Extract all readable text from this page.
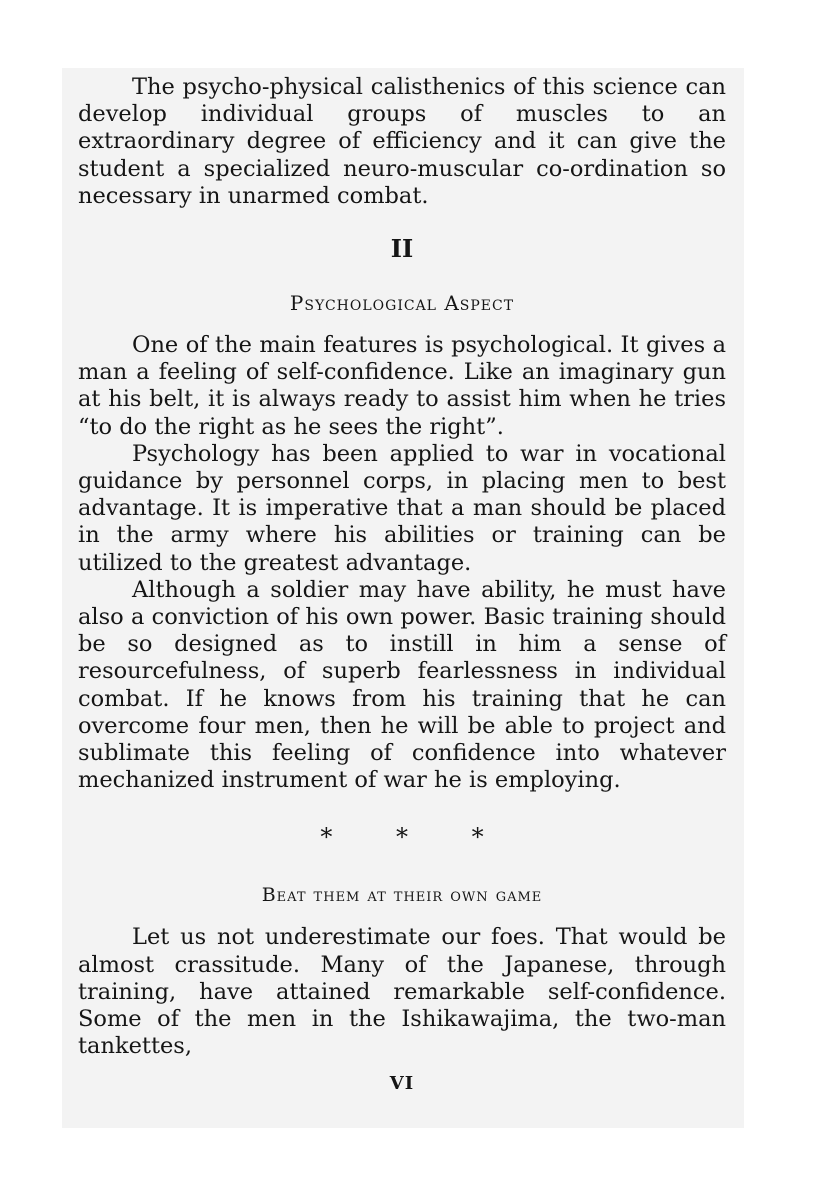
The psycho-physical calisthenics of this science can develop individual groups of muscles to an extraordinary degree of efficiency and it can give the student a specialized neuro-muscular co-ordination so necessary in unarmed combat.

II
Psychological Aspect

One of the main features is psychological. It gives a man a feeling of self-confidence. Like an imaginary gun at his belt, it is always ready to assist him when he tries “to do the right as he sees the right”.

Psychology has been applied to war in vocational guidance by personnel corps, in placing men to best advantage. It is imperative that a man should be placed in the army where his abilities or training can be utilized to the greatest advantage.

Although a soldier may have ability, he must have also a conviction of his own power. Basic training should be so designed as to instill in him a sense of resourcefulness, of superb fearlessness in individual combat. If he knows from his training that he can overcome four men, then he will be able to project and sublimate this feeling of confidence into whatever mechanized instrument of war he is employing.

* * *
Beat them at their own game

Let us not underestimate our foes. That would be almost crassitude. Many of the Japanese, through training, have attained remarkable self-confidence. Some of the men in the Ishikawajima, the two-man tankettes,

VI
